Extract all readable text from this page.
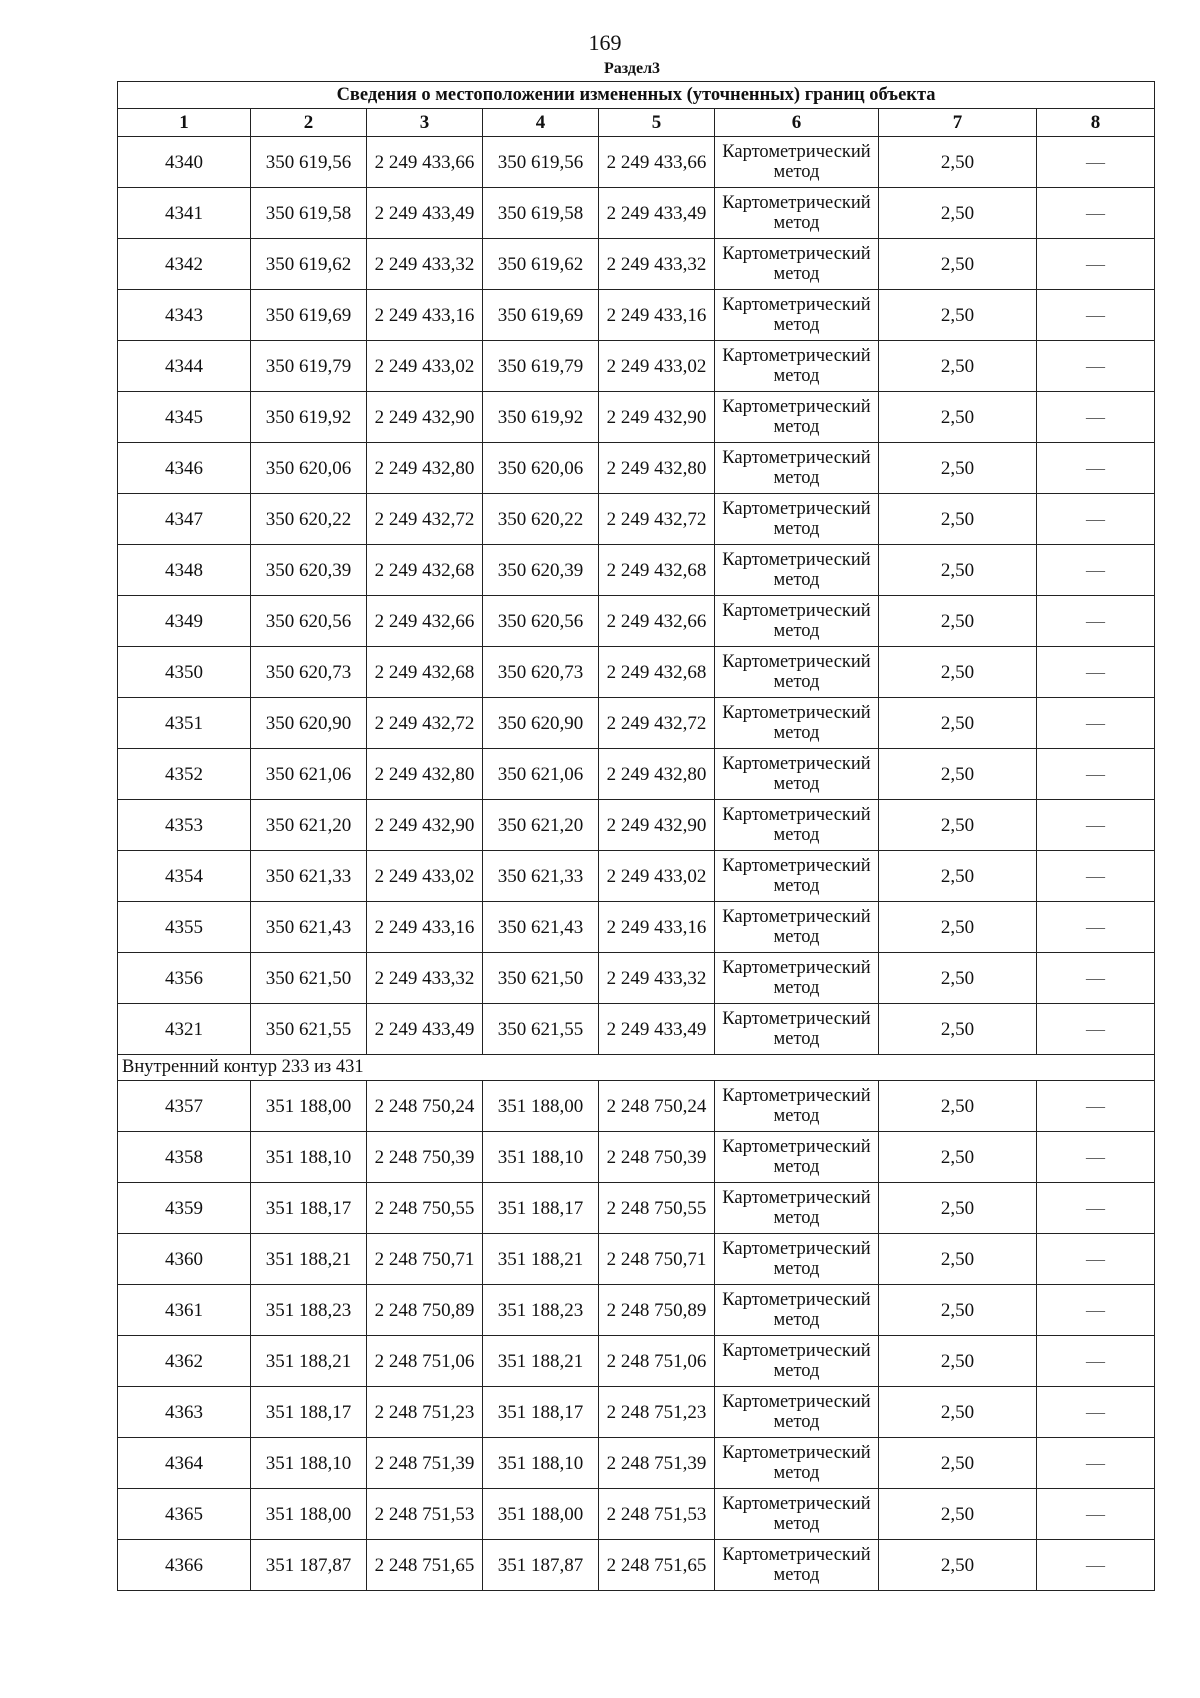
169
Раздел3
Сведения о местоположении измененных (уточненных) границ объекта							
1	2	3	4	5	6	7	8
4340	350 619,56	2 249 433,66	350 619,56	2 249 433,66	Картометрический метод	2,50	—
4341	350 619,58	2 249 433,49	350 619,58	2 249 433,49	Картометрический метод	2,50	—
4342	350 619,62	2 249 433,32	350 619,62	2 249 433,32	Картометрический метод	2,50	—
4343	350 619,69	2 249 433,16	350 619,69	2 249 433,16	Картометрический метод	2,50	—
4344	350 619,79	2 249 433,02	350 619,79	2 249 433,02	Картометрический метод	2,50	—
4345	350 619,92	2 249 432,90	350 619,92	2 249 432,90	Картометрический метод	2,50	—
4346	350 620,06	2 249 432,80	350 620,06	2 249 432,80	Картометрический метод	2,50	—
4347	350 620,22	2 249 432,72	350 620,22	2 249 432,72	Картометрический метод	2,50	—
4348	350 620,39	2 249 432,68	350 620,39	2 249 432,68	Картометрический метод	2,50	—
4349	350 620,56	2 249 432,66	350 620,56	2 249 432,66	Картометрический метод	2,50	—
4350	350 620,73	2 249 432,68	350 620,73	2 249 432,68	Картометрический метод	2,50	—
4351	350 620,90	2 249 432,72	350 620,90	2 249 432,72	Картометрический метод	2,50	—
4352	350 621,06	2 249 432,80	350 621,06	2 249 432,80	Картометрический метод	2,50	—
4353	350 621,20	2 249 432,90	350 621,20	2 249 432,90	Картометрический метод	2,50	—
4354	350 621,33	2 249 433,02	350 621,33	2 249 433,02	Картометрический метод	2,50	—
4355	350 621,43	2 249 433,16	350 621,43	2 249 433,16	Картометрический метод	2,50	—
4356	350 621,50	2 249 433,32	350 621,50	2 249 433,32	Картометрический метод	2,50	—
4321	350 621,55	2 249 433,49	350 621,55	2 249 433,49	Картометрический метод	2,50	—
Внутренний контур 233 из 431							
4357	351 188,00	2 248 750,24	351 188,00	2 248 750,24	Картометрический метод	2,50	—
4358	351 188,10	2 248 750,39	351 188,10	2 248 750,39	Картометрический метод	2,50	—
4359	351 188,17	2 248 750,55	351 188,17	2 248 750,55	Картометрический метод	2,50	—
4360	351 188,21	2 248 750,71	351 188,21	2 248 750,71	Картометрический метод	2,50	—
4361	351 188,23	2 248 750,89	351 188,23	2 248 750,89	Картометрический метод	2,50	—
4362	351 188,21	2 248 751,06	351 188,21	2 248 751,06	Картометрический метод	2,50	—
4363	351 188,17	2 248 751,23	351 188,17	2 248 751,23	Картометрический метод	2,50	—
4364	351 188,10	2 248 751,39	351 188,10	2 248 751,39	Картометрический метод	2,50	—
4365	351 188,00	2 248 751,53	351 188,00	2 248 751,53	Картометрический метод	2,50	—
4366	351 187,87	2 248 751,65	351 187,87	2 248 751,65	Картометрический метод	2,50	—
